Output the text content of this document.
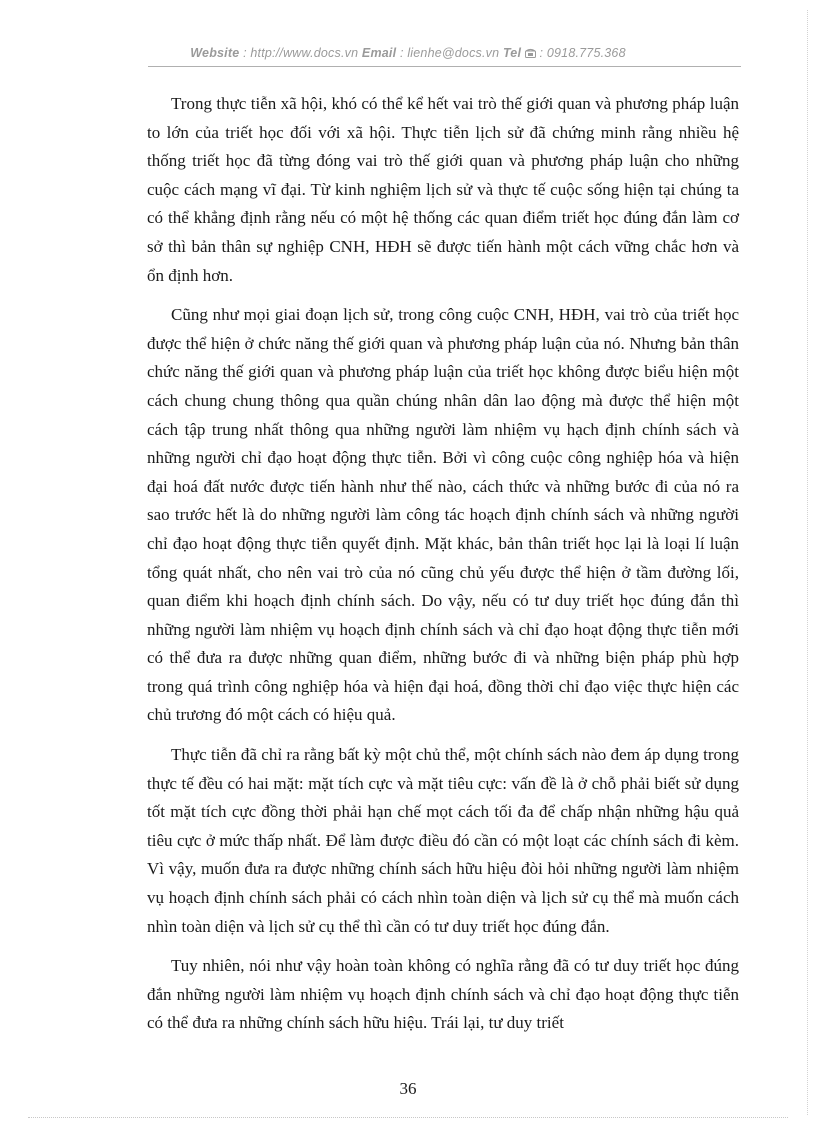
Website : http://www.docs.vn Email : lienhe@docs.vn Tel : 0918.775.368

Trong thực tiễn xã hội, khó có thể kể hết vai trò thế giới quan và phương pháp luận to lớn của triết học đối với xã hội. Thực tiễn lịch sử đã chứng minh rằng nhiều hệ thống triết học đã từng đóng vai trò thế giới quan và phương pháp luận cho những cuộc cách mạng vĩ đại. Từ kinh nghiệm lịch sử và thực tế cuộc sống hiện tại chúng ta có thể khẳng định rằng nếu có một hệ thống các quan điểm triết học đúng đắn làm cơ sở thì bản thân sự nghiệp CNH, HĐH sẽ được tiến hành một cách vững chắc hơn và ổn định hơn.

Cũng như mọi giai đoạn lịch sử, trong công cuộc CNH, HĐH, vai trò của triết học được thể hiện ở chức năng thế giới quan và phương pháp luận của nó. Nhưng bản thân chức năng thế giới quan và phương pháp luận của triết học không được biểu hiện một cách chung chung thông qua quần chúng nhân dân lao động mà được thể hiện một cách tập trung nhất thông qua những người làm nhiệm vụ hạch định chính sách và những người chỉ đạo hoạt động thực tiễn. Bởi vì công cuộc công nghiệp hóa và hiện đại hoá đất nước được tiến hành như thế nào, cách thức và những bước đi của nó ra sao trước hết là do những người làm công tác hoạch định chính sách và những người chỉ đạo hoạt động thực tiễn quyết định. Mặt khác, bản thân triết học lại là loại lí luận tổng quát nhất, cho nên vai trò của nó cũng chủ yếu được thể hiện ở tầm đường lối, quan điểm khi hoạch định chính sách. Do vậy, nếu có tư duy triết học đúng đắn thì những người làm nhiệm vụ hoạch định chính sách và chỉ đạo hoạt động thực tiễn mới có thể đưa ra được những quan điểm, những bước đi và những biện pháp phù hợp trong quá trình công nghiệp hóa và hiện đại hoá, đồng thời chỉ đạo việc thực hiện các chủ trương đó một cách có hiệu quả.

Thực tiễn đã chỉ ra rằng bất kỳ một chủ thể, một chính sách nào đem áp dụng trong thực tế đều có hai mặt: mặt tích cực và mặt tiêu cực: vấn đề là ở chỗ phải biết sử dụng tốt mặt tích cực đồng thời phải hạn chế mọt cách tối đa để chấp nhận những hậu quả tiêu cực ở mức thấp nhất. Để làm được điều đó cần có một loạt các chính sách đi kèm. Vì vậy, muốn đưa ra được những chính sách hữu hiệu đòi hỏi những người làm nhiệm vụ hoạch định chính sách phải có cách nhìn toàn diện và lịch sử cụ thể mà muốn cách nhìn toàn diện và lịch sử cụ thể thì cần có tư duy triết học đúng đắn.

Tuy nhiên, nói như vậy hoàn toàn không có nghĩa rằng đã có tư duy triết học đúng đắn những người làm nhiệm vụ hoạch định chính sách và chỉ đạo hoạt động thực tiễn có thể đưa ra những chính sách hữu hiệu. Trái lại, tư duy triết

36
